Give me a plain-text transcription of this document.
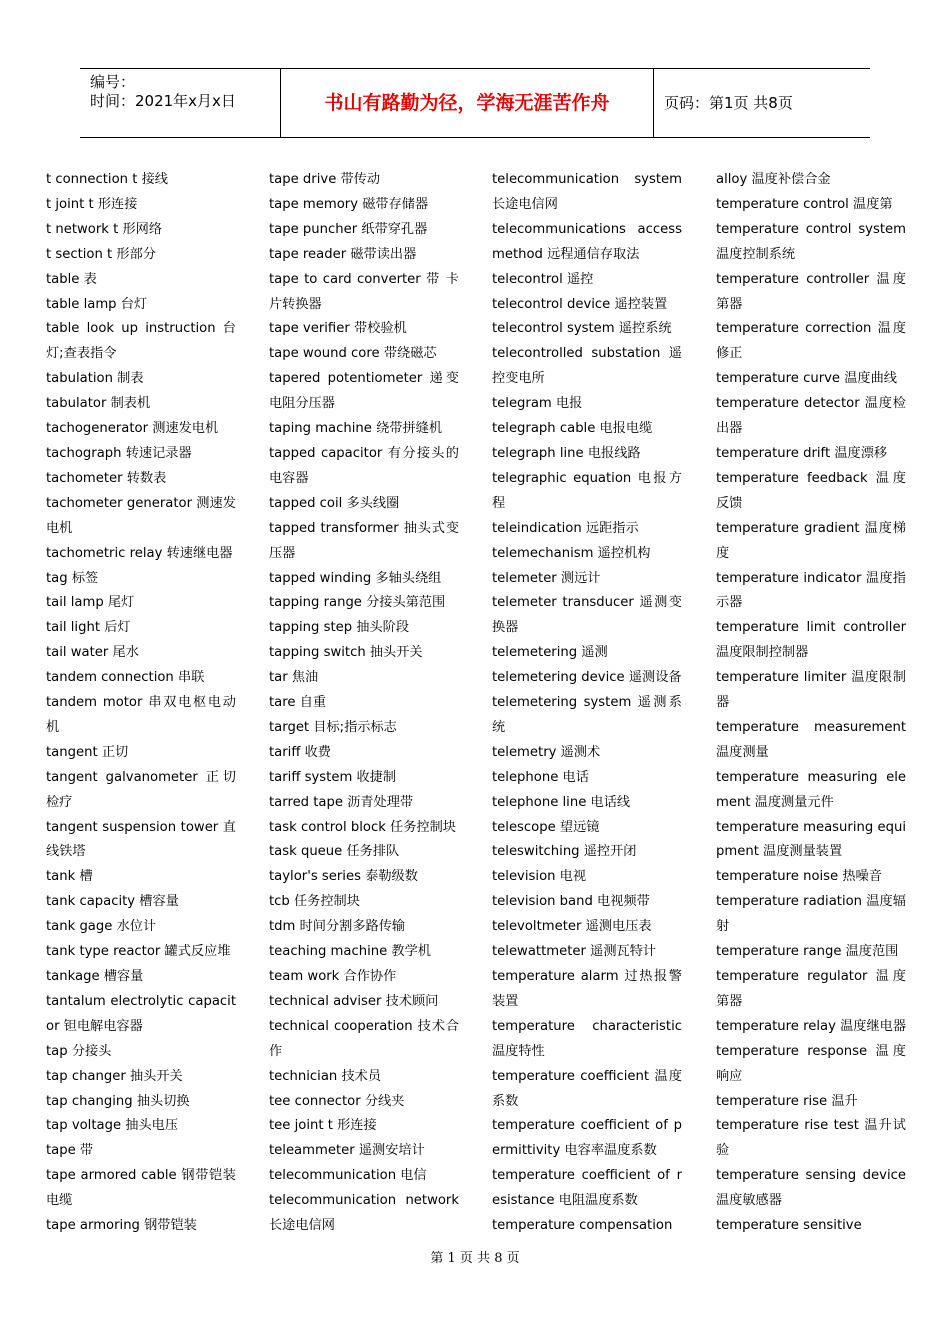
编号：
时间：2021年x月x日	书山有路勤为径，学海无涯苦作舟	页码：第1页 共8页
t connection t 接线
t joint t 形连接
t network t 形网络
t section t 形部分
table 表
table lamp 台灯
table look up instruction 台灯;查表指令
tabulation 制表
tabulator 制表机
tachogenerator 测速发电机
tachograph 转速记录器
tachometer 转数表
tachometer generator 测速发电机
tachometric relay 转速继电器
tag 标签
tail lamp 尾灯
tail light 后灯
tail water 尾水
tandem connection 串联
tandem motor 串双电枢电动机
tangent 正切
tangent galvanometer 正切检疗
tangent suspension tower 直线铁塔
tank 槽
tank capacity 槽容量
tank gage 水位计
tank type reactor 罐式反应堆
tankage 槽容量
tantalum electrolytic capacitor 钽电解电容器
tap 分接头
tap changer 抽头开关
tap changing 抽头切换
tap voltage 抽头电压
tape 带
tape armored cable 钢带铠装电缆
tape armoring 钢带铠装
tape drive 带传动
tape memory 磁带存储器
tape puncher 纸带穿孔器
tape reader 磁带读出器
tape to card converter 带 卡片转换器
tape verifier 带校验机
tape wound core 带绕磁芯
tapered potentiometer 递变电阻分压器
taping machine 绕带拼缝机
tapped capacitor 有分接头的电容器
tapped coil 多头线圈
tapped transformer 抽头式变压器
tapped winding 多轴头绕组
tapping range 分接头第范围
tapping step 抽头阶段
tapping switch 抽头开关
tar 焦油
tare 自重
target 目标;指示标志
tariff 收费
tariff system 收捷制
tarred tape 沥青处理带
task control block 任务控制块
task queue 任务排队
taylor's series 泰勒级数
tcb 任务控制块
tdm 时间分割多路传输
teaching machine 教学机
team work 合作协作
technical adviser 技术顾问
technical cooperation 技术合作
technician 技术员
tee connector 分线夹
tee joint t 形连接
teleammeter 遥测安培计
telecommunication 电信
telecommunication network 长途电信网
telecommunication system 长途电信网
telecommunications access method 远程通信存取法
telecontrol 遥控
telecontrol device 遥控装置
telecontrol system 遥控系统
telecontrolled substation 遥控变电所
telegram 电报
telegraph cable 电报电缆
telegraph line 电报线路
telegraphic equation 电报方程
teleindication 远距指示
telemechanism 遥控机构
telemeter 测远计
telemeter transducer 遥测变换器
telemetering 遥测
telemetering device 遥测设备
telemetering system 遥测系统
telemetry 遥测术
telephone 电话
telephone line 电话线
telescope 望远镜
teleswitching 遥控开闭
television 电视
television band 电视频带
televoltmeter 遥测电压表
telewattmeter 遥测瓦特计
temperature alarm 过热报警装置
temperature characteristic 温度特性
temperature coefficient 温度系数
temperature coefficient of permittivity 电容率温度系数
temperature coefficient of resistance 电阻温度系数
temperature compensation
alloy 温度补偿合金
temperature control 温度第
temperature control system 温度控制系统
temperature controller 温度第器
temperature correction 温度修正
temperature curve 温度曲线
temperature detector 温度检出器
temperature drift 温度漂移
temperature feedback 温度反馈
temperature gradient 温度梯度
temperature indicator 温度指示器
temperature limit controller 温度限制控制器
temperature limiter 温度限制器
temperature measurement 温度测量
temperature measuring element 温度测量元件
temperature measuring equipment 温度测量装置
temperature noise 热噪音
temperature radiation 温度辐射
temperature range 温度范围
temperature regulator 温度第器
temperature relay 温度继电器
temperature response 温度响应
temperature rise 温升
temperature rise test 温升试验
temperature sensing device 温度敏感器
temperature sensitive
第 1 页 共 8 页
